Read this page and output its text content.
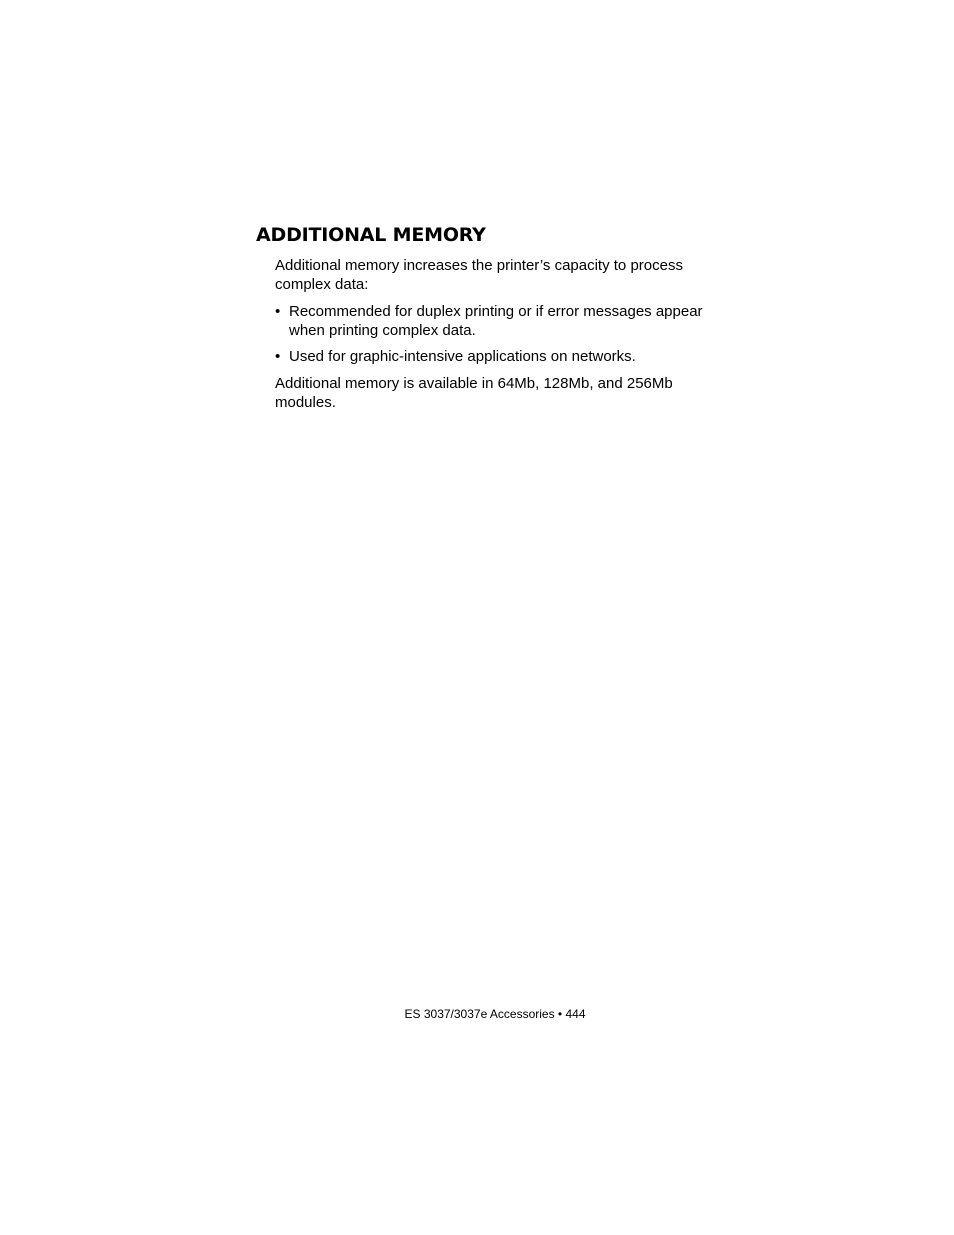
ADDITIONAL MEMORY

Additional memory increases the printer’s capacity to process complex data:

• Recommended for duplex printing or if error messages appear when printing complex data.
• Used for graphic-intensive applications on networks.

Additional memory is available in 64Mb, 128Mb, and 256Mb modules.

ES 3037/3037e Accessories • 444
